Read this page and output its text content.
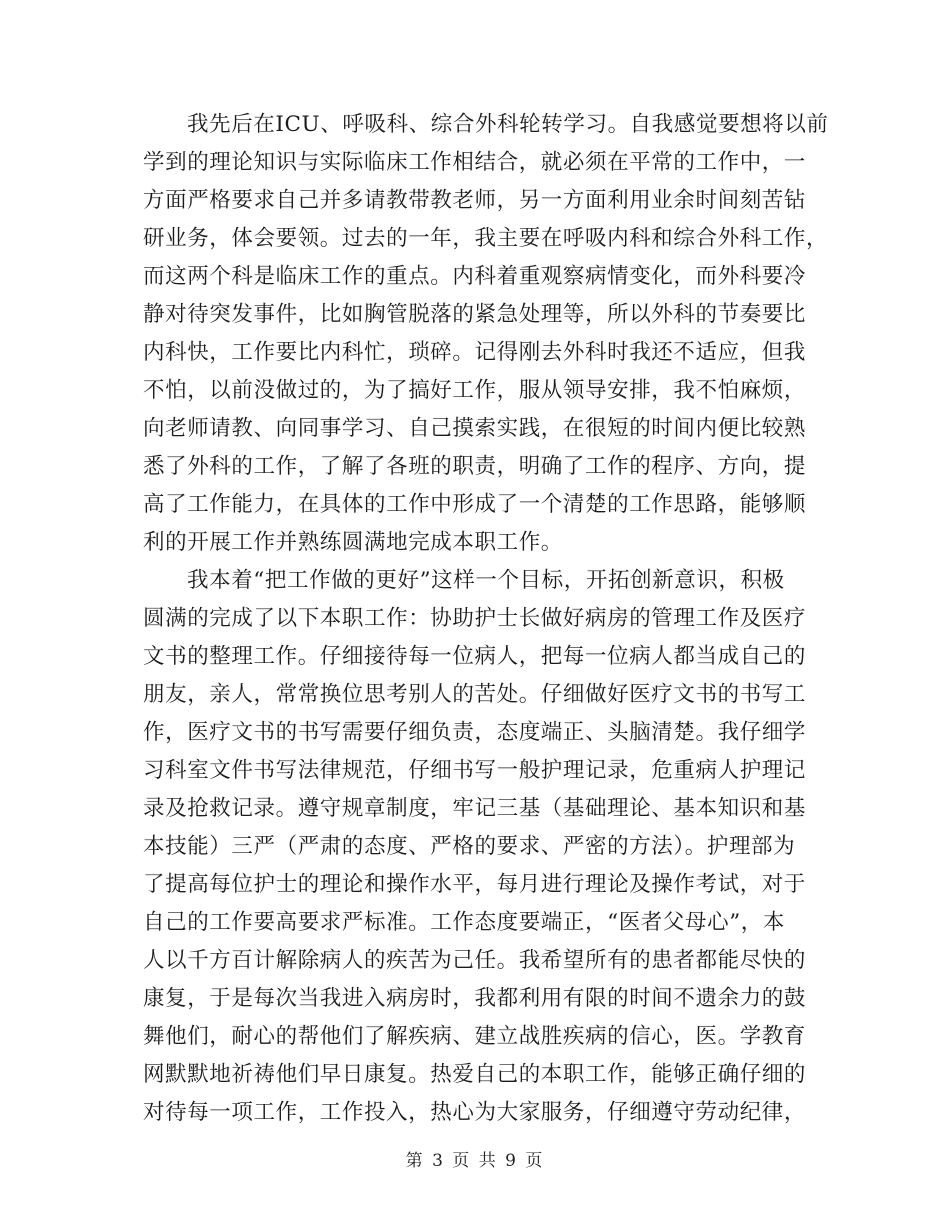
我先后在ICU、呼吸科、综合外科轮转学习。自我感觉要想将以前
学到的理论知识与实际临床工作相结合，就必须在平常的工作中，一
方面严格要求自己并多请教带教老师，另一方面利用业余时间刻苦钻
研业务，体会要领。过去的一年，我主要在呼吸内科和综合外科工作，
而这两个科是临床工作的重点。内科着重观察病情变化，而外科要冷
静对待突发事件，比如胸管脱落的紧急处理等，所以外科的节奏要比
内科快，工作要比内科忙，琐碎。记得刚去外科时我还不适应，但我
不怕，以前没做过的，为了搞好工作，服从领导安排，我不怕麻烦，
向老师请教、向同事学习、自己摸索实践，在很短的时间内便比较熟
悉了外科的工作，了解了各班的职责，明确了工作的程序、方向，提
高了工作能力，在具体的工作中形成了一个清楚的工作思路，能够顺
利的开展工作并熟练圆满地完成本职工作。
我本着“把工作做的更好”这样一个目标，开拓创新意识，积极
圆满的完成了以下本职工作：协助护士长做好病房的管理工作及医疗
文书的整理工作。仔细接待每一位病人，把每一位病人都当成自己的
朋友，亲人，常常换位思考别人的苦处。仔细做好医疗文书的书写工
作，医疗文书的书写需要仔细负责，态度端正、头脑清楚。我仔细学
习科室文件书写法律规范，仔细书写一般护理记录，危重病人护理记
录及抢救记录。遵守规章制度，牢记三基（基础理论、基本知识和基
本技能）三严（严肃的态度、严格的要求、严密的方法）。护理部为
了提高每位护士的理论和操作水平，每月进行理论及操作考试，对于
自己的工作要高要求严标准。工作态度要端正，“医者父母心”，本
人以千方百计解除病人的疾苦为己任。我希望所有的患者都能尽快的
康复，于是每次当我进入病房时，我都利用有限的时间不遗余力的鼓
舞他们，耐心的帮他们了解疾病、建立战胜疾病的信心，医。学教育
网默默地祈祷他们早日康复。热爱自己的本职工作，能够正确仔细的
对待每一项工作，工作投入，热心为大家服务，仔细遵守劳动纪律，
第 3 页 共 9 页
